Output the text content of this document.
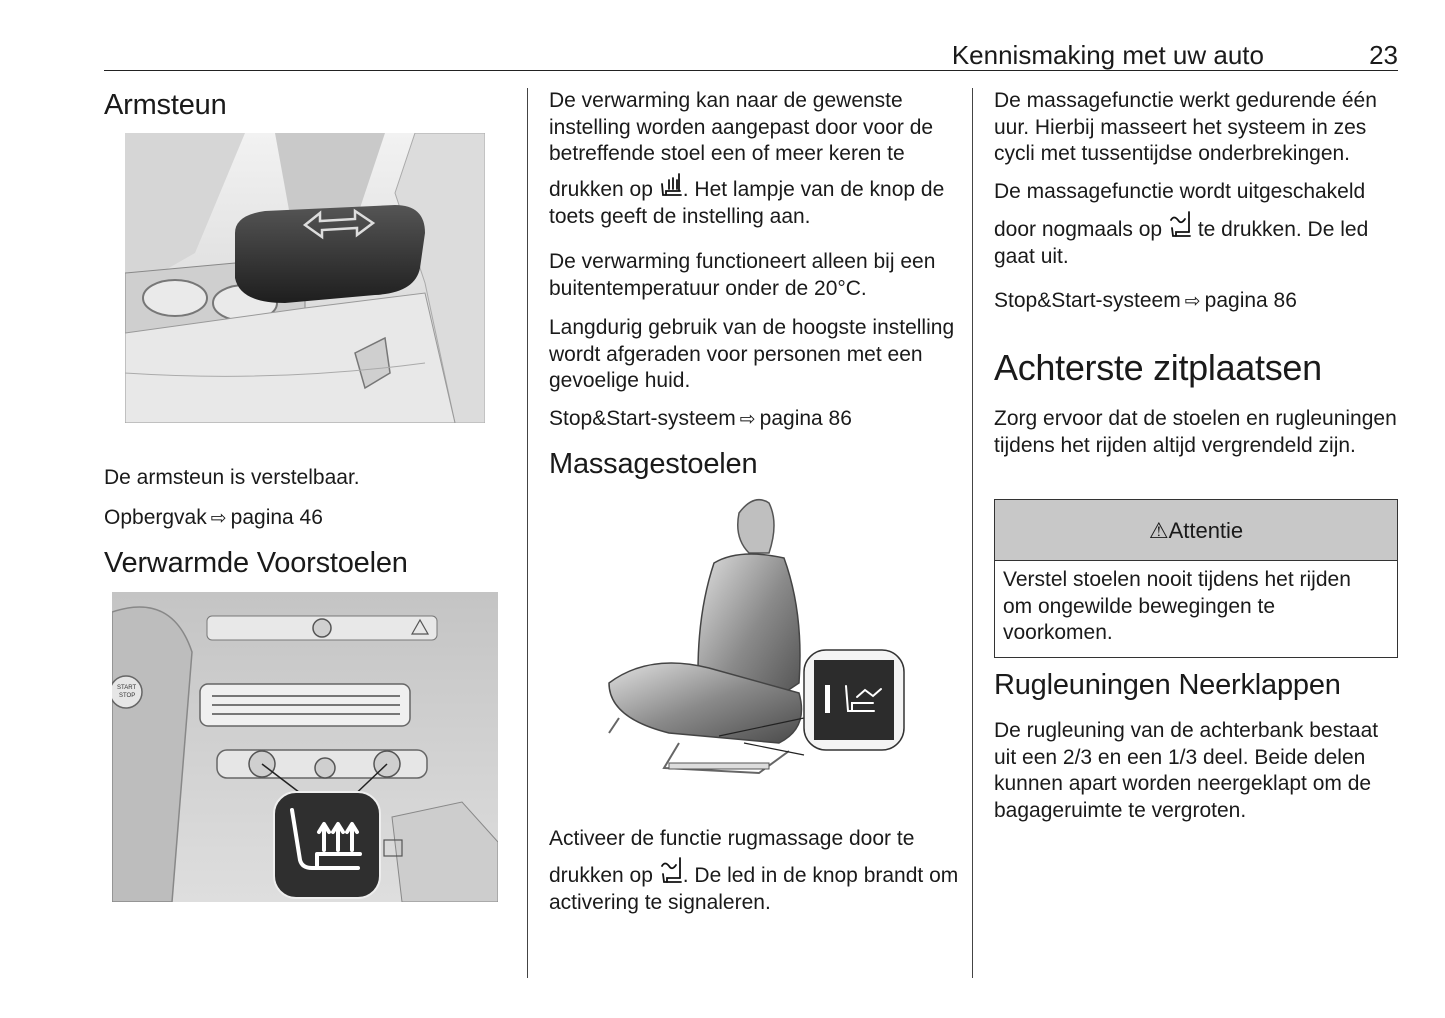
Kennismaking met uw auto	23
Armsteun

De armsteun is verstelbaar.

Opbergvak ⇨ pagina 46

Verwarmde Voorstoelen
START
STOP

De verwarming kan naar de gewenste instelling worden aangepast door voor de betreffende stoel een of meer keren te

drukken op . Het lampje van de knop de toets geeft de instelling aan.

De verwarming functioneert alleen bij een buitentemperatuur onder de 20°C.

Langdurig gebruik van de hoogste instelling wordt afgeraden voor personen met een gevoelige huid.

Stop&Start-systeem ⇨ pagina 86

Massagestoelen

Activeer de functie rugmassage door te

drukken op . De led in de knop brandt om activering te signaleren.

De massagefunctie werkt gedurende één uur. Hierbij masseert het systeem in zes cycli met tussentijdse onderbrekingen.

De massagefunctie wordt uitgeschakeld

door nogmaals op te drukken. De led gaat uit.

Stop&Start-systeem ⇨ pagina 86

Achterste zitplaatsen

Zorg ervoor dat de stoelen en rugleuningen tijdens het rijden altijd vergrendeld zijn.

⚠Attentie

Verstel stoelen nooit tijdens het rijden om ongewilde bewegingen te voorkomen.

Rugleuningen Neerklappen

De rugleuning van de achterbank bestaat uit een 2/3 en een 1/3 deel. Beide delen kunnen apart worden neergeklapt om de bagageruimte te vergroten.
